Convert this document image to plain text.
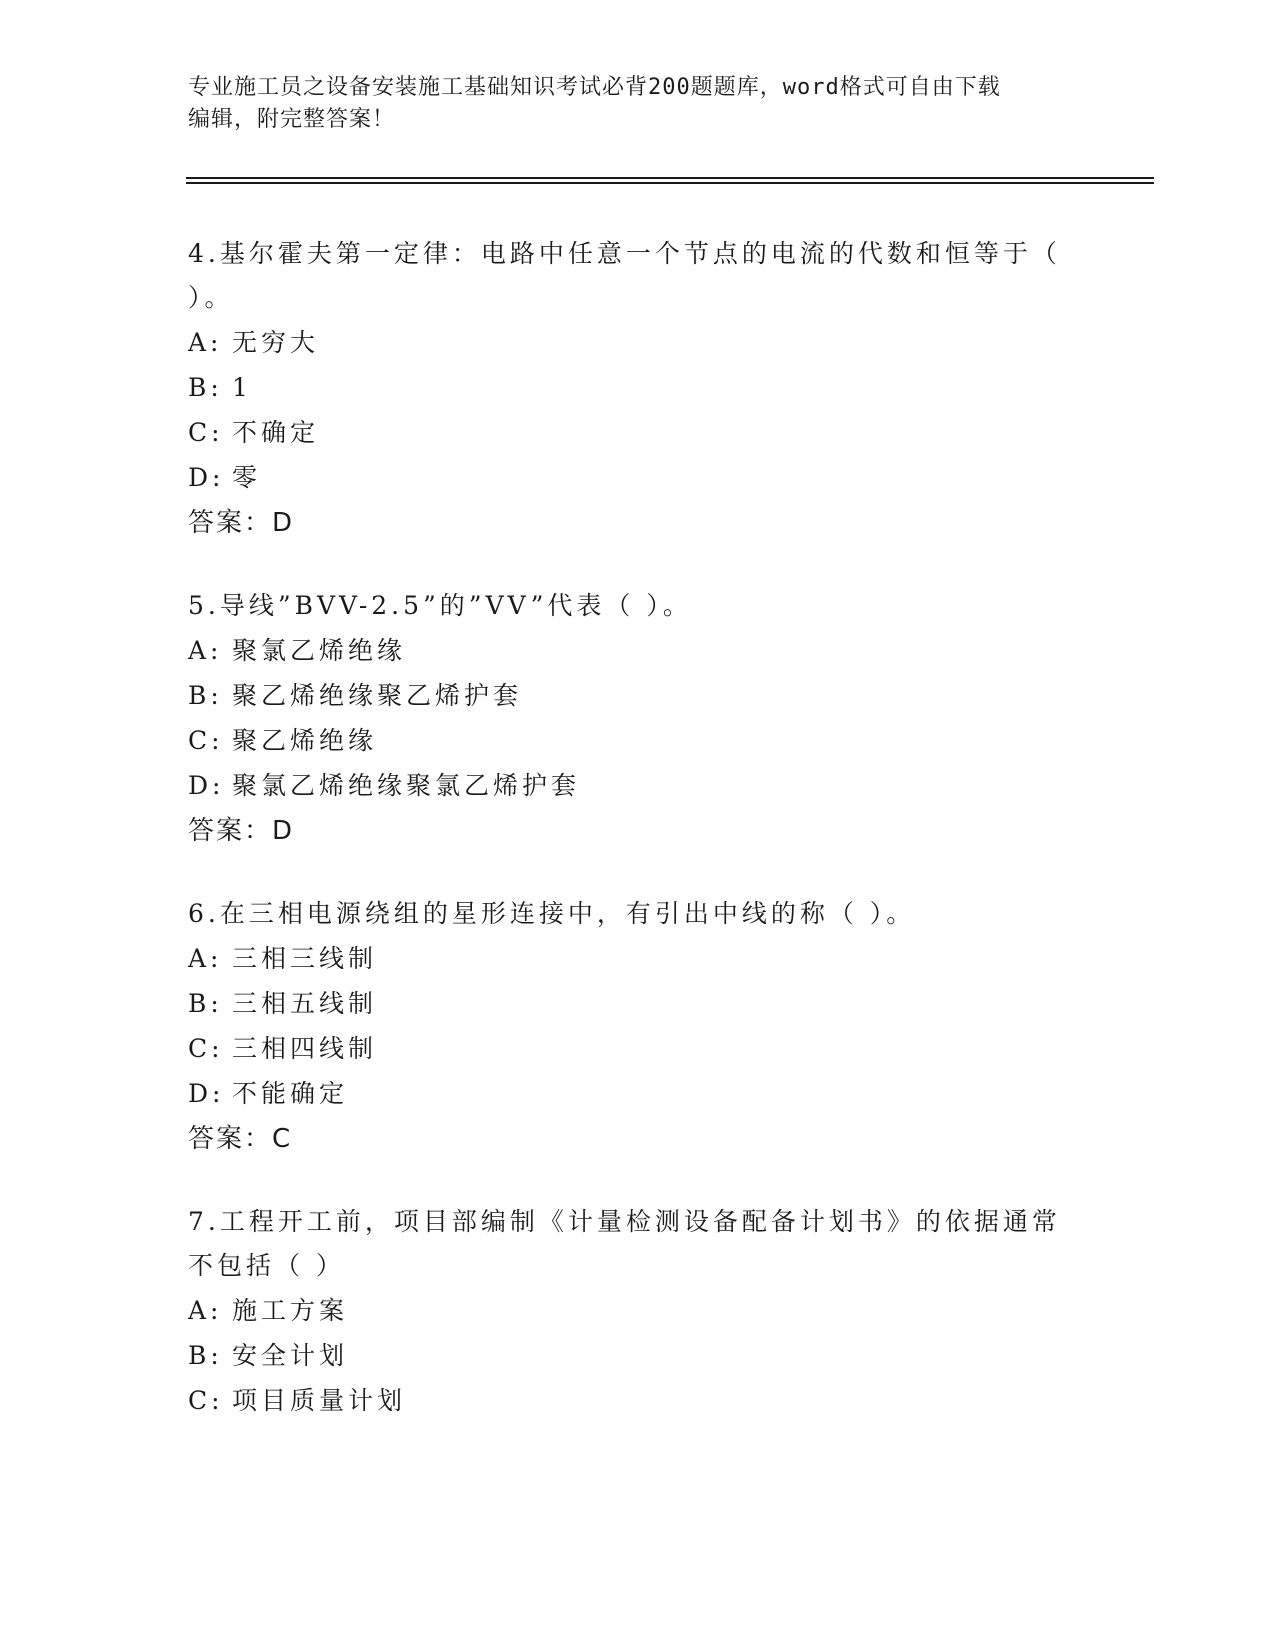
专业施工员之设备安装施工基础知识考试必背200题题库，word格式可自由下载
编辑，附完整答案！
4.基尔霍夫第一定律：电路中任意一个节点的电流的代数和恒等于（ ）。
A: 无穷大
B: 1
C: 不确定
D: 零
答案：D
5.导线”BVV-2.5”的”VV”代表（ ）。
A: 聚氯乙烯绝缘
B: 聚乙烯绝缘聚乙烯护套
C: 聚乙烯绝缘
D: 聚氯乙烯绝缘聚氯乙烯护套
答案：D
6.在三相电源绕组的星形连接中，有引出中线的称（ ）。
A: 三相三线制
B: 三相五线制
C: 三相四线制
D: 不能确定
答案：C
7.工程开工前，项目部编制《计量检测设备配备计划书》的依据通常不包括（ ）
A: 施工方案
B: 安全计划
C: 项目质量计划
